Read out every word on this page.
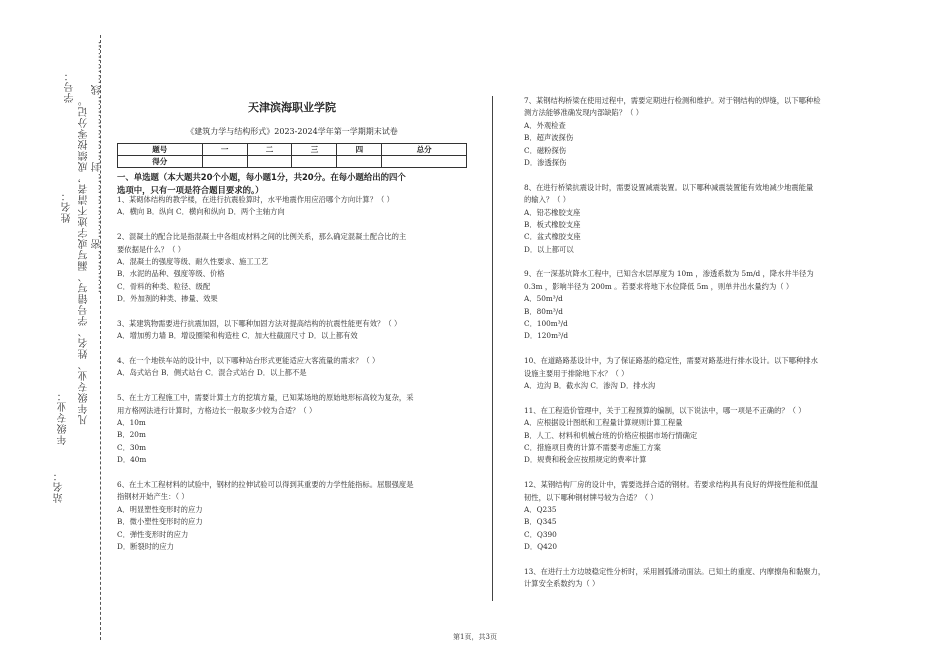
站名：
年级专业：
姓名：
学号：
凡年级专业、姓名、学号错写、漏写或字迹不清者，成绩按零分记。 …………密………………封………………线…………	天津滨海职业学院
《建筑力学与结构形式》2023-2024学年第一学期期末试卷
题号	一	二	三	四	总分
得分					
一、单选题（本大题共20个小题，每小题1分，共20分。在每小题给出的四个
选项中，只有一项是符合题目要求的。）
1、某砌体结构的教学楼，在进行抗震验算时，水平地震作用应沿哪个方向计算？（ ）
A．横向 B．纵向 C．横向和纵向 D．两个主轴方向
2、混凝土的配合比是指混凝土中各组成材料之间的比例关系，那么确定混凝土配合比的主
要依据是什么？（ ）
A．混凝土的强度等级、耐久性要求、施工工艺
B．水泥的品种、强度等级、价格
C．骨料的种类、粒径、级配
D．外加剂的种类、掺量、效果
3、某建筑物需要进行抗震加固，以下哪种加固方法对提高结构的抗震性能更有效？（ ）
A．增加剪力墙 B．增设圈梁和构造柱 C．加大柱截面尺寸 D．以上都有效
4、在一个地铁车站的设计中，以下哪种站台形式更能适应大客流量的需求？（ ）
A．岛式站台 B．侧式站台 C．混合式站台 D．以上都不是
5、在土方工程施工中，需要计算土方的挖填方量，已知某场地的原始地形标高较为复杂，采
用方格网法进行计算时，方格边长一般取多少较为合适？（ ）
A．10m
B．20m
C．30m
D．40m
6、在土木工程材料的试验中，钢材的拉伸试验可以得到其重要的力学性能指标。屈服强度是
指钢材开始产生：（ ）
A．明显塑性变形时的应力
B．微小塑性变形时的应力
C．弹性变形时的应力
D．断裂时的应力
7、某钢结构桥梁在使用过程中，需要定期进行检测和维护。对于钢结构的焊缝，以下哪种检
测方法能够准确发现内部缺陷？（ ）
A．外观检查
B．超声波探伤
C．磁粉探伤
D．渗透探伤
8、在进行桥梁抗震设计时，需要设置减震装置。以下哪种减震装置能有效地减少地震能量
的输入？（ ）
A．铅芯橡胶支座
B．板式橡胶支座
C．盆式橡胶支座
D．以上都可以
9、在一深基坑降水工程中，已知含水层厚度为 10m ，渗透系数为 5m/d ，降水井半径为
0.3m ，影响半径为 200m 。若要求将地下水位降低 5m ，则单井出水量约为（ ）
A．50m³/d
B．80m³/d
C．100m³/d
D．120m³/d
10、在道路路基设计中，为了保证路基的稳定性，需要对路基进行排水设计。以下哪种排水
设施主要用于排除地下水？（ ）
A．边沟 B．截水沟 C．渗沟 D．排水沟
11、在工程造价管理中，关于工程预算的编制，以下说法中，哪一项是不正确的？（ ）
A．应根据设计图纸和工程量计算规则计算工程量
B．人工、材料和机械台班的价格应根据市场行情确定
C．措施项目费的计算不需要考虑施工方案
D．规费和税金应按照规定的费率计算
12、某钢结构厂房的设计中，需要选择合适的钢材。若要求结构具有良好的焊接性能和低温
韧性，以下哪种钢材牌号较为合适？（ ）
A．Q235
B．Q345
C．Q390
D．Q420
13、在进行土方边坡稳定性分析时，采用圆弧滑动面法。已知土的重度、内摩擦角和黏聚力，
计算安全系数约为（ ）
第1页，共3页
